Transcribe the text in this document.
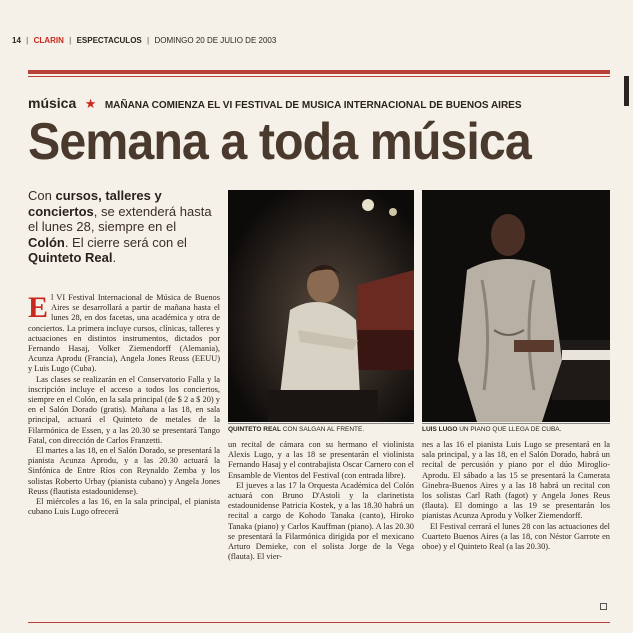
14 | CLARIN | ESPECTACULOS | DOMINGO 20 DE JULIO DE 2003
música ★ MAÑANA COMIENZA EL VI FESTIVAL DE MUSICA INTERNACIONAL DE BUENOS AIRES
Semana a toda música
Con cursos, talleres y conciertos, se extenderá hasta el lunes 28, siempre en el Colón. El cierre será con el Quinteto Real.

El VI Festival Internacional de Música de Buenos Aires se desarrollará a partir de mañana hasta el lunes 28, en dos facetas, una académica y otra de conciertos. La primera incluye cursos, clínicas, talleres y actuaciones en distintos instrumentos, dictados por Fernando Hasaj, Volker Ziemendorff (Alemania), Acunza Aprodu (Francia), Angela Jones Reuss (EEUU) y Luis Lugo (Cuba).

Las clases se realizarán en el Conservatorio Falla y la inscripción incluye el acceso a todos los conciertos, siempre en el Colón, en la sala principal (de $ 2 a $ 20) y en el Salón Dorado (gratis). Mañana a las 18, en sala principal, actuará el Quinteto de metales de la Filarmónica de Essen, y a las 20.30 se presentará Tango Fatal, con dirección de Carlos Franzetti.

El martes a las 18, en el Salón Dorado, se presentará la pianista Acunza Aprodu, y a las 20.30 actuará la Sinfónica de Entre Ríos con Reynaldo Zemba y los solistas Roberto Urbay (pianista cubano) y Angela Jones Reuss (flautista estadounidense).

El miércoles a las 16, en la sala principal, el pianista cubano Luis Lugo ofrecerá

QUINTETO REAL CON SALGAN AL FRENTE.	LUIS LUGO UN PIANO QUE LLEGA DE CUBA.

un recital de cámara con su hermano el violinista Alexis Lugo, y a las 18 se presentarán el violinista Fernando Hasaj y el contrabajista Oscar Carnero con el Ensamble de Vientos del Festival (con entrada libre).

El jueves a las 17 la Orquesta Académica del Colón actuará con Bruno D'Astoli y la clarinetista estadounidense Patricia Kostek, y a las 18.30 habrá un recital a cargo de Kohodo Tanaka (canto), Hiroko Tanaka (piano) y Carlos Kauffman (piano). A las 20.30 se presentará la Filarmónica dirigida por el mexicano Arturo Demieke, con el solista Jorge de la Vega (flauta). El vier-

nes a las 16 el pianista Luis Lugo se presentará en la sala principal, y a las 18, en el Salón Dorado, habrá un recital de percusión y piano por el dúo Miroglio-Aprodu. El sábado a las 15 se presentará la Camerata Ginebra-Buenos Aires y a las 18 habrá un recital con los solistas Carl Rath (fagot) y Angela Jones Reus (flauta). El domingo a las 19 se presentarán los pianistas Acunza Aprodu y Volker Ziemendorff.

El Festival cerrará el lunes 28 con las actuaciones del Cuarteto Buenos Aires (a las 18, con Néstor Garrote en oboe) y el Quinteto Real (a las 20.30).
